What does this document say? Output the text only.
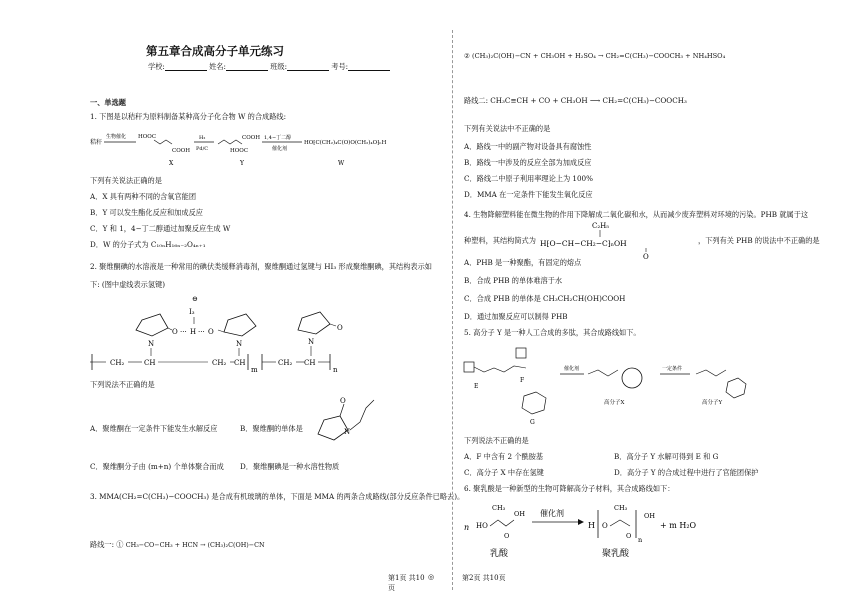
第五章合成高分子单元练习
学校:	姓名:	班级:	考号:
一、单选题
1. 下图是以秸秆为原料制备某种高分子化合物 W 的合成路线:
秸秆
生物催化 HOOC
COOH
X
H₂
Pd/C
COOH
HOOC
Y
1,4−丁二醇
催化剂
HO⁅C(CH₂)₄C(O)O(CH₂)₄O⁆ₙH
W
下列有关说法正确的是
A．X 具有两种不同的含氧官能团
B．Y 可以发生酯化反应和加成反应
C．Y 和 1，4−丁二醇通过加聚反应生成 W
D．W 的分子式为 C₁₀ₙH₁₆ₙ₋₂O₄ₙ₊₁
2. 聚维酮碘的水溶液是一种常用的碘伏类缓释消毒剂，聚维酮通过氢键与 HI₃ 形成聚维酮碘，其结构表示如
下: (图中虚线表示氢键)
⊖
I₃
O ··· H ··· O
N	N
O
N
CH₂	CH	CH₂ CH
m
CH₂ CH
n
下列说法不正确的是
A．聚维酮在一定条件下能发生水解反应	B．聚维酮的单体是
O
N
C．聚维酮分子由 (m+n) 个单体聚合而成 D．聚维酮碘是一种水溶性物质
3. MMA(CH₂=C(CH₃)−COOCH₃) 是合成有机玻璃的单体，下面是 MMA 的两条合成路线(部分反应条件已略去)。
路线一: ① CH₃−CO−CH₃ + HCN → (CH₃)₂C(OH)−CN
第1页 共10页
② (CH₃)₂C(OH)−CN + CH₃OH + H₂SO₄ → CH₂=C(CH₃)−COOCH₃ + NH₄HSO₄
路线二: CH₃C≡CH + CO + CH₃OH ⟶ CH₂=C(CH₃)−COOCH₃
下列有关说法中不正确的是
A．路线一中的副产物对设备具有腐蚀性
B．路线一中涉及的反应全部为加成反应
C．路线二中原子利用率理论上为 100%
D．MMA 在一定条件下能发生氧化反应
4. 生物降解塑料能在微生物的作用下降解成二氧化碳和水，从而减少废弃塑料对环境的污染。PHB 就属于这
种塑料，其结构简式为
C₂H₅
H⁅O−CH−CH₂−C⁆ₙOH
O
，下列有关 PHB 的说法中不正确的是
A．PHB 是一种聚酯，有固定的熔点
B．合成 PHB 的单体难溶于水
C．合成 PHB 的单体是 CH₃CH₂CH(OH)COOH
D．通过加聚反应可以制得 PHB
5. 高分子 Y 是一种人工合成的多肽，其合成路线如下。
F
E
G
催化剂
高分子X
一定条件
高分子Y
下列说法不正确的是
A．F 中含有 2 个酰胺基	B．高分子 Y 水解可得到 E 和 G
C．高分子 X 中存在氢键	D．高分子 Y 的合成过程中进行了官能团保护
6. 聚乳酸是一种新型的生物可降解高分子材料，其合成路线如下：
n HO
CH₃
OH
O
乳酸
催化剂
H O
CH₃
n
OH
O
+ m H₂O
聚乳酸
◎	第2页 共10页
